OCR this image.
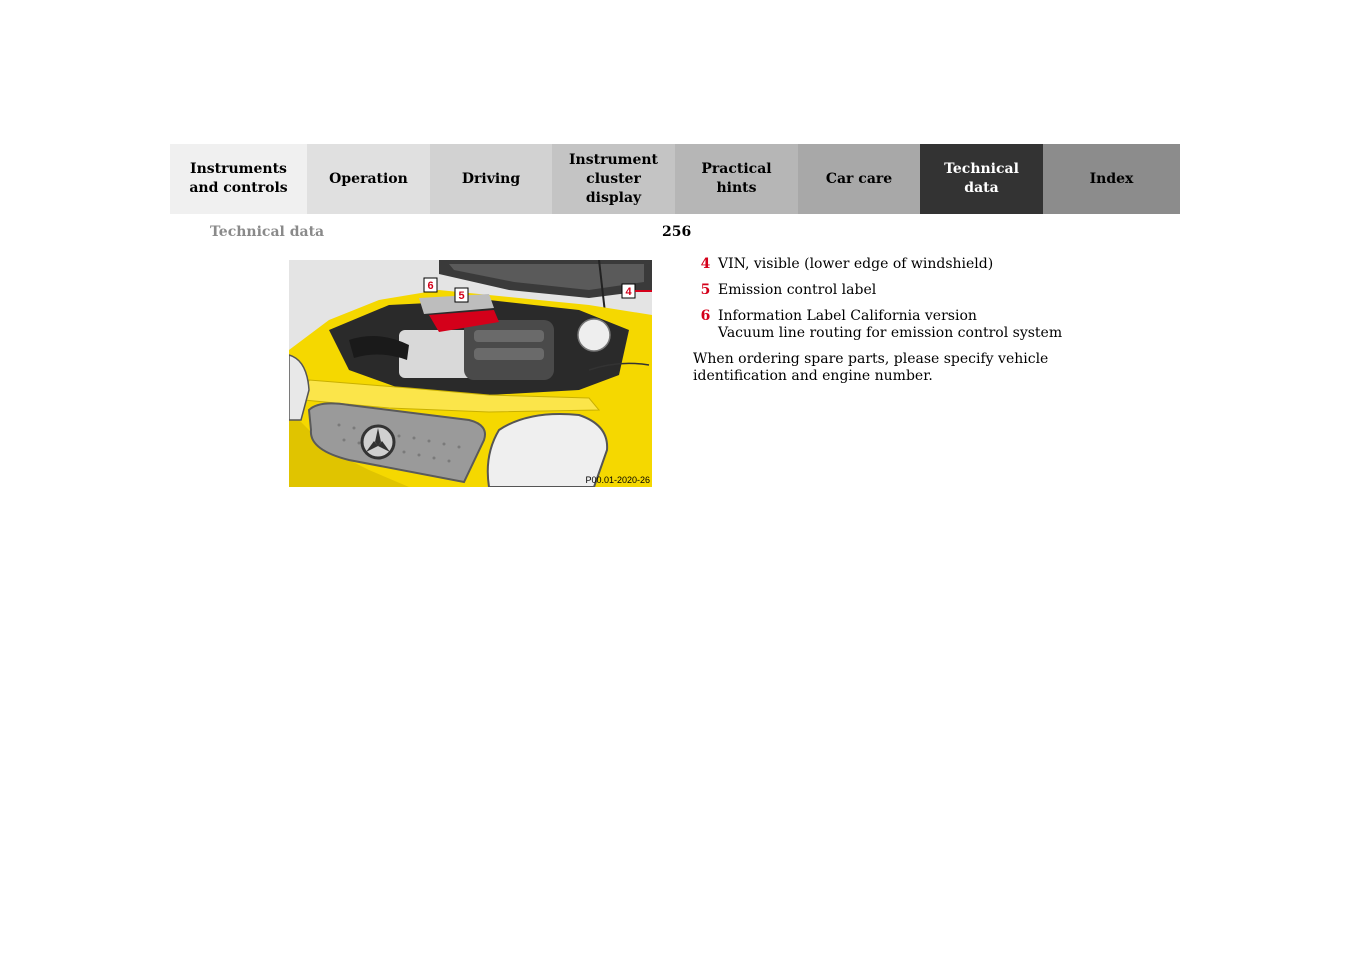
Instruments
and controls
Operation	Driving
Instrument
cluster display
Practical hints
Car care
Technical
data
Index
Technical data	256
6
5	4
P00.01-2020-26
4 VIN, visible (lower edge of windshield)
5 Emission control label
6 Information Label California version
Vacuum line routing for emission control system
When ordering spare parts, please specify vehicle
identification and engine number.
